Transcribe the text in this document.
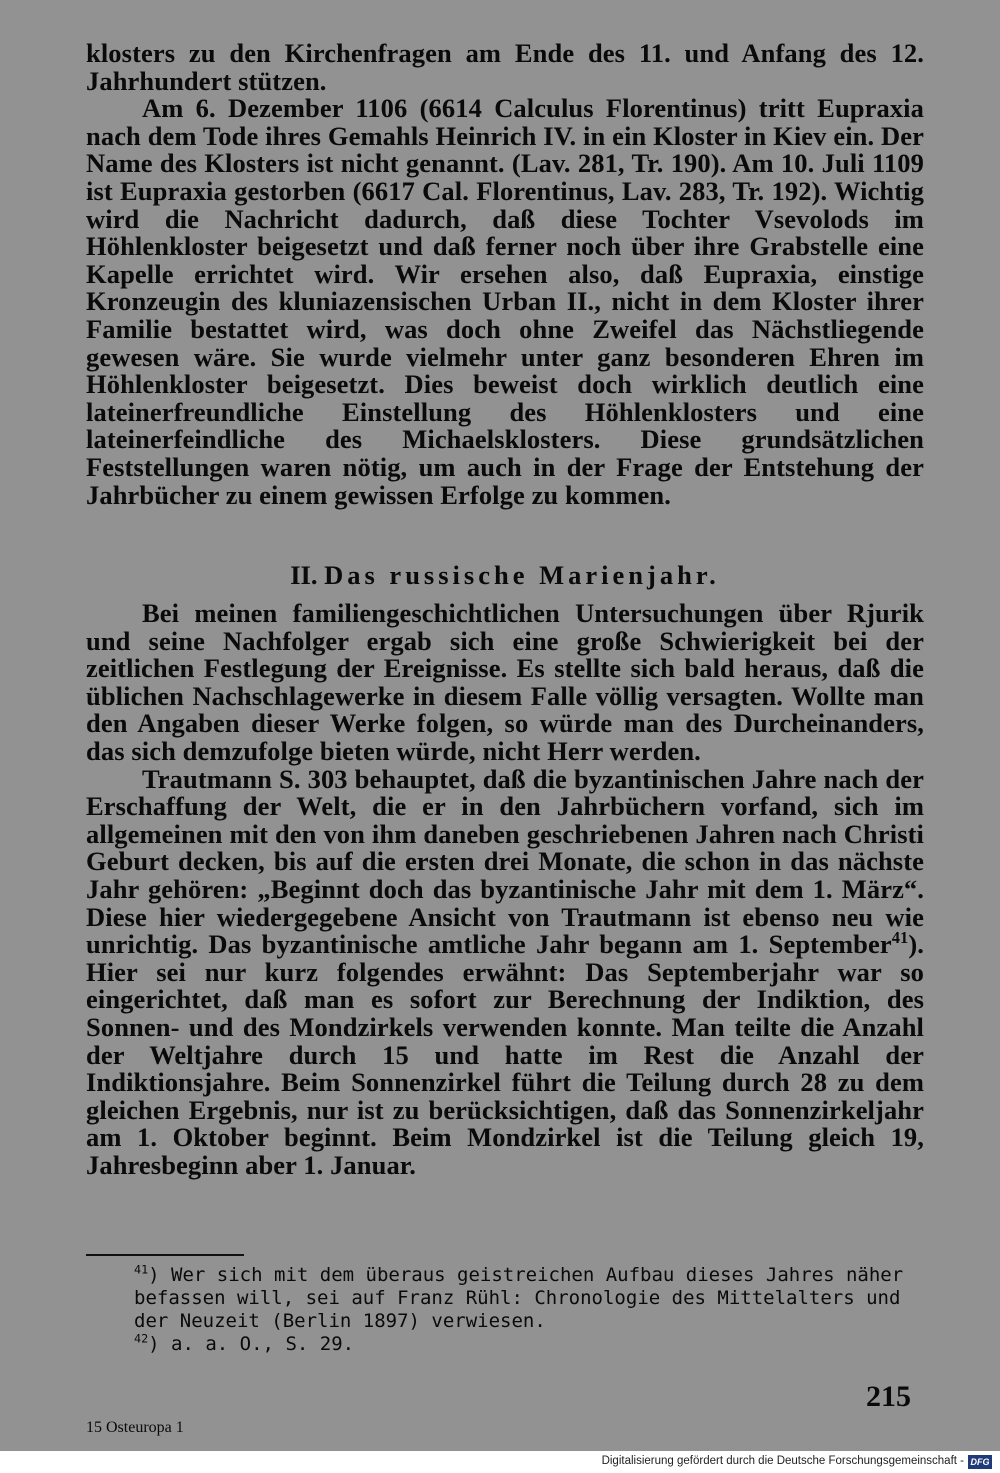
klosters zu den Kirchenfragen am Ende des 11. und Anfang des 12. Jahrhundert stützen.

Am 6. Dezember 1106 (6614 Calculus Florentinus) tritt Eupraxia nach dem Tode ihres Gemahls Heinrich IV. in ein Kloster in Kiev ein. Der Name des Klosters ist nicht genannt. (Lav. 281, Tr. 190). Am 10. Juli 1109 ist Eupraxia gestorben (6617 Cal. Florentinus, Lav. 283, Tr. 192). Wichtig wird die Nachricht dadurch, daß diese Tochter Vsevolods im Höhlenkloster beigesetzt und daß ferner noch über ihre Grabstelle eine Kapelle errichtet wird. Wir ersehen also, daß Eupraxia, einstige Kronzeugin des kluniazensischen Urban II., nicht in dem Kloster ihrer Familie bestattet wird, was doch ohne Zweifel das Nächstliegende gewesen wäre. Sie wurde vielmehr unter ganz besonderen Ehren im Höhlenkloster beigesetzt. Dies beweist doch wirklich deutlich eine lateinerfreundliche Einstellung des Höhlenklosters und eine lateinerfeindliche des Michaelsklosters. Diese grundsätzlichen Feststellungen waren nötig, um auch in der Frage der Entstehung der Jahrbücher zu einem gewissen Erfolge zu kommen.

II. Das russische Marienjahr.

Bei meinen familiengeschichtlichen Untersuchungen über Rjurik und seine Nachfolger ergab sich eine große Schwierigkeit bei der zeitlichen Festlegung der Ereignisse. Es stellte sich bald heraus, daß die üblichen Nachschlagewerke in diesem Falle völlig versagten. Wollte man den Angaben dieser Werke folgen, so würde man des Durcheinanders, das sich demzufolge bieten würde, nicht Herr werden.

Trautmann S. 303 behauptet, daß die byzantinischen Jahre nach der Erschaffung der Welt, die er in den Jahrbüchern vorfand, sich im allgemeinen mit den von ihm daneben geschriebenen Jahren nach Christi Geburt decken, bis auf die ersten drei Monate, die schon in das nächste Jahr gehören: „Beginnt doch das byzantinische Jahr mit dem 1. März“. Diese hier wiedergegebene Ansicht von Trautmann ist ebenso neu wie unrichtig. Das byzantinische amtliche Jahr begann am 1. September$^{41}$). Hier sei nur kurz folgendes erwähnt: Das Septemberjahr war so eingerichtet, daß man es sofort zur Berechnung der Indiktion, des Sonnen- und des Mondzirkels verwenden konnte. Man teilte die Anzahl der Weltjahre durch 15 und hatte im Rest die Anzahl der Indiktionsjahre. Beim Sonnenzirkel führt die Teilung durch 28 zu dem gleichen Ergebnis, nur ist zu berücksichtigen, daß das Sonnenzirkeljahr am 1. Oktober beginnt. Beim Mondzirkel ist die Teilung gleich 19, Jahresbeginn aber 1. Januar.

$^{41}$) Wer sich mit dem überaus geistreichen Aufbau dieses Jahres näher befassen will, sei auf Franz Rühl: Chronologie des Mittelalters und der Neuzeit (Berlin 1897) verwiesen.

$^{42}$) a. a. O., S. 29.

215
15 Osteuropa 1
Digitalisierung gefördert durch die Deutsche Forschungsgemeinschaft - DFG
